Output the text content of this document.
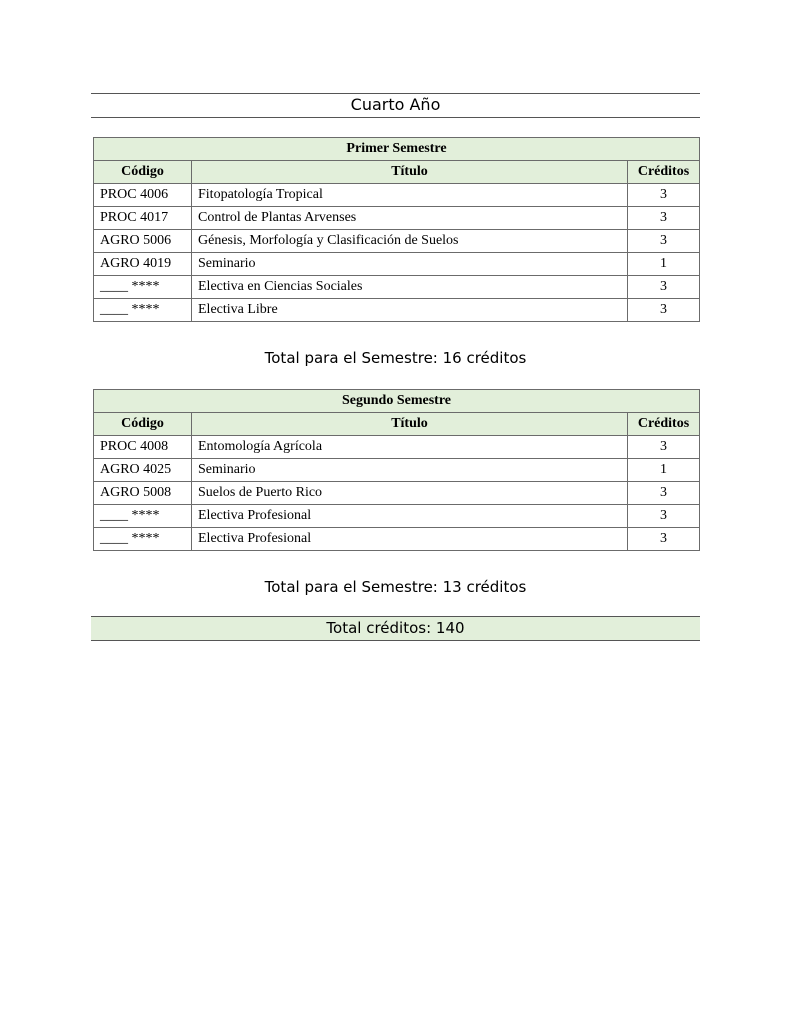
Cuarto Año
Primer Semestre		
Código	Título	Créditos
PROC 4006	Fitopatología Tropical	3
PROC 4017	Control de Plantas Arvenses	3
AGRO 5006	Génesis, Morfología y Clasificación de Suelos	3
AGRO 4019	Seminario	1
____ ****	Electiva en Ciencias Sociales	3
____ ****	Electiva Libre	3
Total para el Semestre: 16 créditos
Segundo Semestre		
Código	Título	Créditos
PROC 4008	Entomología Agrícola	3
AGRO 4025	Seminario	1
AGRO 5008	Suelos de Puerto Rico	3
____ ****	Electiva Profesional	3
____ ****	Electiva Profesional	3
Total para el Semestre: 13 créditos
Total créditos: 140
